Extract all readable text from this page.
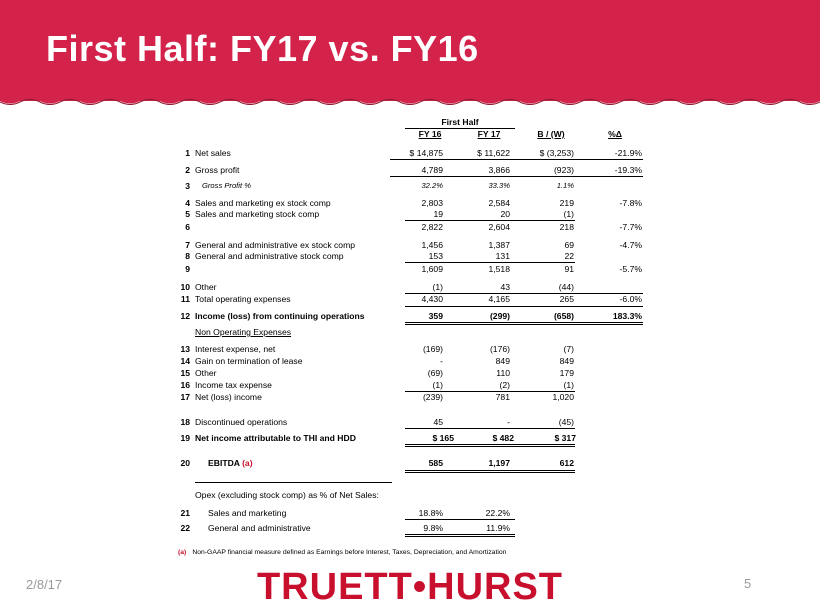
First Half: FY17 vs. FY16
First Half
FY 16	FY 17	B / (W)	%Δ
1 Net sales	$ 14,875	$ 11,622	$ (3,253)	-21.9%
2 Gross profit	4,789	3,866	(923)	-19.3%
3 Gross Profit %	32.2%	33.3%	1.1%
4 Sales and marketing ex stock comp	2,803	2,584	219	-7.8%
5 Sales and marketing stock comp	19	20	(1)
6	2,822	2,604	218	-7.7%
7 General and administrative ex stock comp	1,456	1,387	69	-4.7%
8 General and administrative stock comp	153	131	22
9	1,609	1,518	91	-5.7%
10 Other	(1)	43	(44)
11 Total operating expenses	4,430	4,165	265	-6.0%
12 Income (loss) from continuing operations	359	(299)	(658)	183.3%
Non Operating Expenses
13 Interest expense, net	(169)	(176)	(7)
14 Gain on termination of lease	-	849	849
15 Other	(69)	110	179
16 Income tax expense	(1)	(2)	(1)
17 Net (loss) income	(239)	781	1,020
18 Discontinued operations	45	-	(45)
19 Net income attributable to THI and HDD	$ 165	$ 482	$ 317
20 EBITDA (a)	585	1,197	612
Opex (excluding stock comp) as % of Net Sales:
21 Sales and marketing	18.8%	22.2%
22 General and administrative	9.8%	11.9%
(a) Non-GAAP financial measure defined as Earnings before Interest, Taxes, Depreciation, and Amortization
2/8/17	5
TRUETT•HURST
